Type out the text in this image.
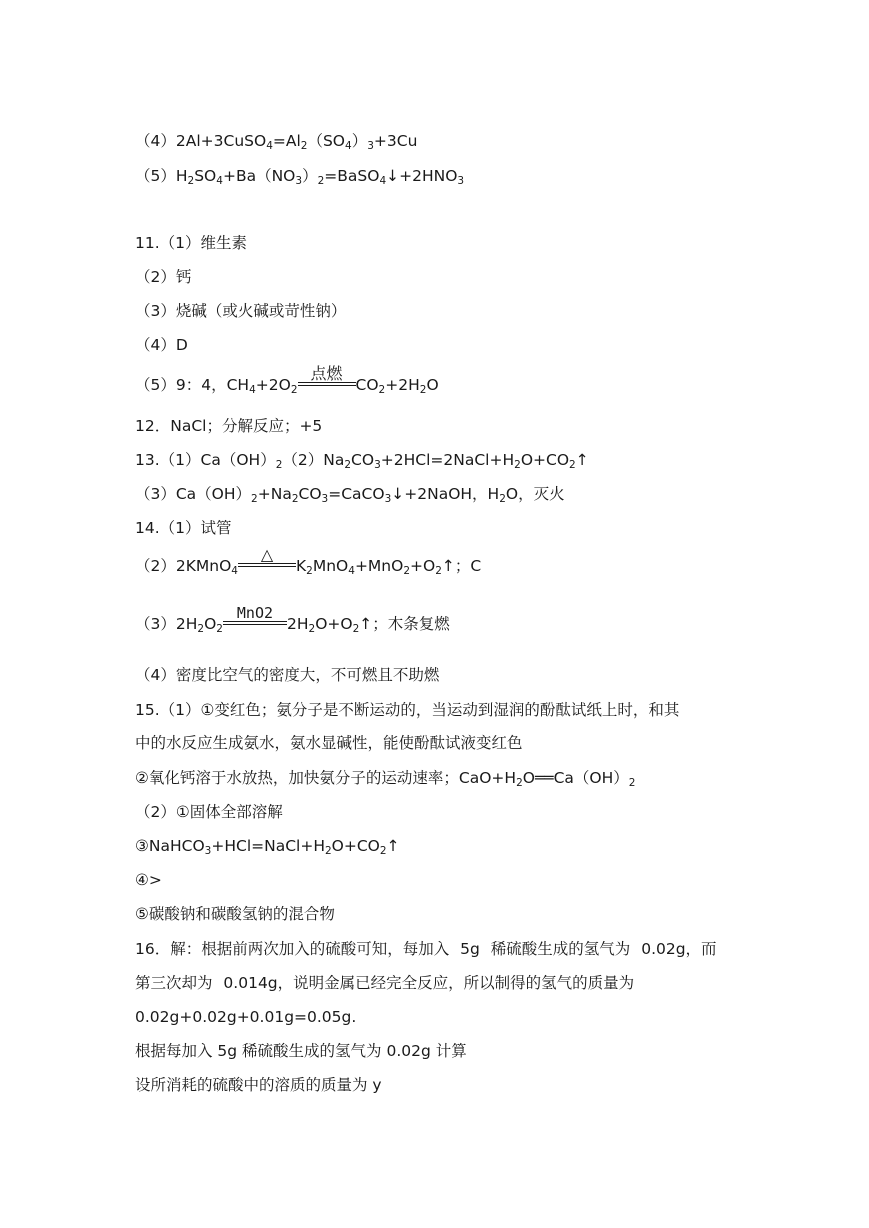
$(4)2Al+3CuSO_4=Al_2(SO_4)_3+3Cu$
$(5)H_2SO_4+Ba(NO_3)_2=BaSO_4↓+2HNO_3$
11.（1）维生素
（2）钙
（3）烧碱（或火碱或苛性钠）
（4）D
（5）9：4，$CH_4+2O_2$
点燃
$CO_2+2H_2O$
12．NaCl；分解反应；+5
$13.(1)Ca(OH)_2(2)Na_2CO_3+2HCl=2NaCl+H_2O+CO_2↑$
$(3)Ca(OH)_2+Na_2CO_3=CaCO_3↓+2NaOH$，$H_2O$，灭火
14.（1）试管
（2）2KMnO$_4$
△
$K_2MnO_4+MnO_2+O_2↑$；C
$(3)2H_2O_2$
MnO2
$2H_2O+O_2↑$；木条复燃
（4）密度比空气的密度大，不可燃且不助燃
15.（1）①变红色；氨分子是不断运动的，当运动到湿润的酚酞试纸上时，和其
中的水反应生成氨水，氨水显碱性，能使酚酞试液变红色
②氧化钙溶于水放热，加快氨分子的运动速率；$CaO+H_2O══Ca(OH)_2$
（2）①固体全部溶解
$③NaHCO_3+HCl=NaCl+H_2O+CO_2↑$
④>
⑤碳酸钠和碳酸氢钠的混合物
16．解：根据前两次加入的硫酸可知，每加入 5g 稀硫酸生成的氢气为 0.02g，而
第三次却为 0.014g，说明金属已经完全反应，所以制得的氢气的质量为
0.02g+0.02g+0.01g=0.05g.
根据每加入 5g 稀硫酸生成的氢气为 0.02g 计算
设所消耗的硫酸中的溶质的质量为 y
